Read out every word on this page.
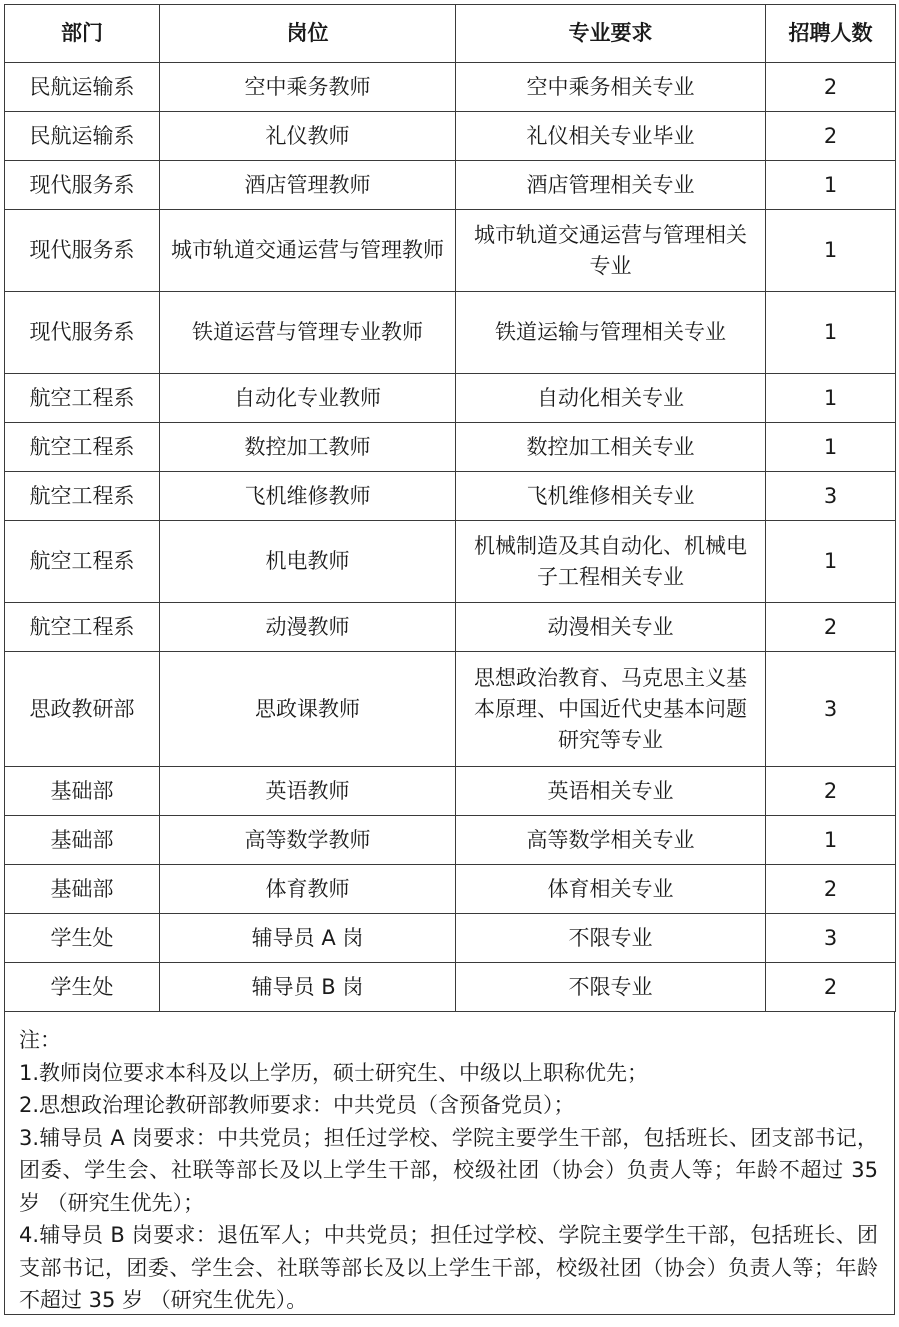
部门	岗位	专业要求	招聘人数
民航运输系	空中乘务教师	空中乘务相关专业	2
民航运输系	礼仪教师	礼仪相关专业毕业	2
现代服务系	酒店管理教师	酒店管理相关专业	1
现代服务系	城市轨道交通运营与管理教师	城市轨道交通运营与管理相关专业	1
现代服务系	铁道运营与管理专业教师	铁道运输与管理相关专业	1
航空工程系	自动化专业教师	自动化相关专业	1
航空工程系	数控加工教师	数控加工相关专业	1
航空工程系	飞机维修教师	飞机维修相关专业	3
航空工程系	机电教师	机械制造及其自动化、机械电子工程相关专业	1
航空工程系	动漫教师	动漫相关专业	2
思政教研部	思政课教师	思想政治教育、马克思主义基本原理、中国近代史基本问题研究等专业	3
基础部	英语教师	英语相关专业	2
基础部	高等数学教师	高等数学相关专业	1
基础部	体育教师	体育相关专业	2
学生处	辅导员 A 岗	不限专业	3
学生处	辅导员 B 岗	不限专业	2

注：

1.教师岗位要求本科及以上学历，硕士研究生、中级以上职称优先；

2.思想政治理论教研部教师要求：中共党员（含预备党员）；

3.辅导员 A 岗要求：中共党员；担任过学校、学院主要学生干部，包括班长、团支部书记，团委、学生会、社联等部长及以上学生干部，校级社团（协会）负责人等；年龄不超过 35 岁 （研究生优先）；

4.辅导员 B 岗要求：退伍军人；中共党员；担任过学校、学院主要学生干部，包括班长、团支部书记，团委、学生会、社联等部长及以上学生干部，校级社团（协会）负责人等；年龄不超过 35 岁 （研究生优先）。
